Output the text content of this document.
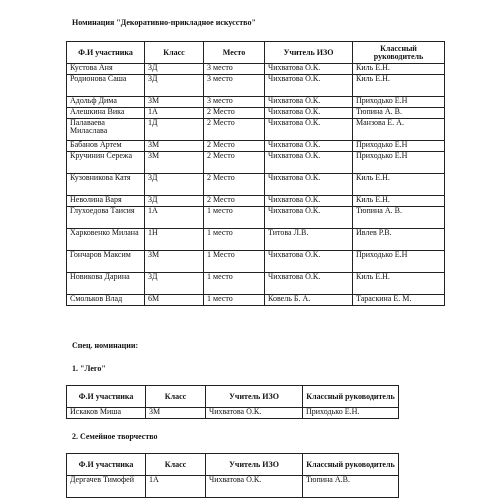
Номинация "Декоративно-прикладное искусство"
Ф.И участника	Класс	Место	Учитель ИЗО	Классный руководитель
Кустова Аня	3Д	3 место	Чихватова О.К.	Киль Е.Н.
Родионова Саша	3Д	3 место	Чихватова О.К.	Киль Е.Н.
Адольф Дима	3М	3 место	Чихватова О.К.	Приходько Е.Н
Алешкина Вика	1А	2 Место	Чихватова О.К.	Тюпина А. В.
Палаваева Миласлава	1Д	2 Место	Чихватова О.К.	Манзова Е. А.
Бабанов Артем	3М	2 Место	Чихватова О.К.	Приходько Е.Н
Кручинин Сережа	3М	2 Место	Чихватова О.К.	Приходько Е.Н
Кузовникова Катя	3Д	2 Место	Чихватова О.К.	Киль Е.Н.
Неволина Варя	3Д	2 Место	Чихватова О.К.	Киль Е.Н.
Глухоедова Таисия	1А	1 место	Чихватова О.К.	Тюпина А. В.
Харковенко Милана	1Н	1 место	Титова Л.В.	Ивлев Р.В.
Гончаров Максим	3М	1 Место	Чихватова О.К.	Приходько Е.Н
Новикова Дарина	3Д	1 место	Чихватова О.К.	Киль Е.Н.
Смольков Влад	6М	1 место	Ковель Б. А.	Тараскина Е. М.
Спец. номинации:
1. "Лего"
Ф.И участника	Класс	Учитель ИЗО	Классный руководитель
Искаков Миша	3М	Чихватова О.К.	Приходько Е.Н.
2. Семейное творчество
Ф.И участника	Класс	Учитель ИЗО	Классный руководитель
Дергачев Тимофей	1А	Чихватова О.К.	Тюпина А.В.
